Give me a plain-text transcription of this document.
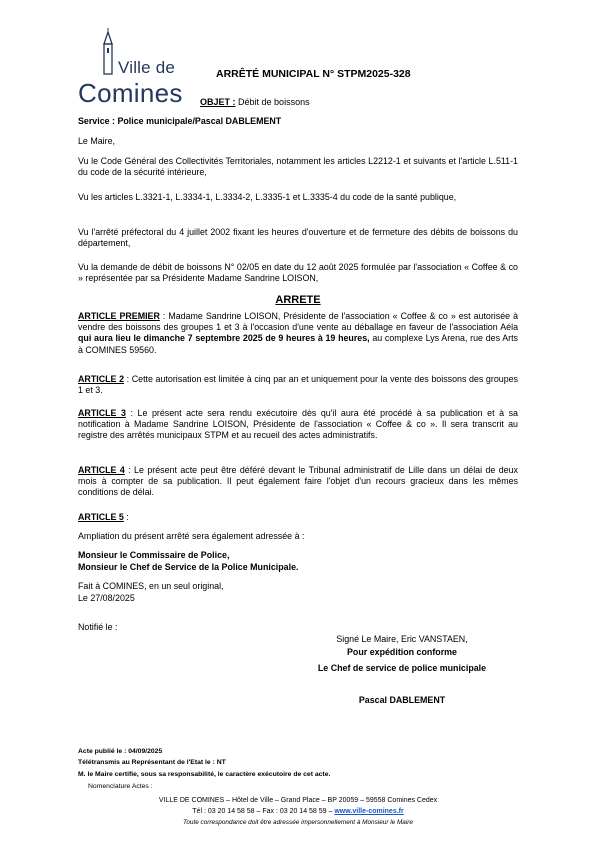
Ville de
Comines
ARRÊTÉ MUNICIPAL N° STPM2025-328
OBJET : Débit de boissons
Service : Police municipale/Pascal DABLEMENT
Le Maire,
Vu le Code Général des Collectivités Territoriales, notamment les articles L2212-1 et suivants et l'article L.511-1 du code de la sécurité intérieure,
Vu les articles L.3321-1, L.3334-1, L.3334-2, L.3335-1 et L.3335-4 du code de la santé publique,
Vu l'arrêté préfectoral du 4 juillet 2002 fixant les heures d'ouverture et de fermeture des débits de boissons du département,
Vu la demande de débit de boissons N° 02/05 en date du 12 août 2025 formulée par l'association « Coffee & co » représentée par sa Présidente Madame Sandrine LOISON,
ARRETE
ARTICLE PREMIER : Madame Sandrine LOISON, Présidente de l'association « Coffee & co » est autorisée à vendre des boissons des groupes 1 et 3 à l'occasion d'une vente au déballage en faveur de l'association Aéla qui aura lieu le dimanche 7 septembre 2025 de 9 heures à 19 heures, au complexe Lys Arena, rue des Arts à COMINES 59560.
ARTICLE 2 : Cette autorisation est limitée à cinq par an et uniquement pour la vente des boissons des groupes 1 et 3.
ARTICLE 3 : Le présent acte sera rendu exécutoire dès qu'il aura été procédé à sa publication et à sa notification à Madame Sandrine LOISON, Présidente de l'association « Coffee & co ». Il sera transcrit au registre des arrêtés municipaux STPM et au recueil des actes administratifs.
ARTICLE 4 : Le présent acte peut être déféré devant le Tribunal administratif de Lille dans un délai de deux mois à compter de sa publication. Il peut également faire l'objet d'un recours gracieux dans les mêmes conditions de délai.
ARTICLE 5 :
Ampliation du présent arrêté sera également adressée à :
Monsieur le Commissaire de Police,
Monsieur le Chef de Service de la Police Municipale.
Fait à COMINES, en un seul original,
Le 27/08/2025
Notifié le :
Signé Le Maire, Eric VANSTAEN,
Pour expédition conforme
Le Chef de service de police municipale
Pascal DABLEMENT
Acte publié le : 04/09/2025
Télétransmis au Représentant de l'Etat le : NT
M. le Maire certifie, sous sa responsabilité, le caractère exécutoire de cet acte.
Nomenclature Actes :
VILLE DE COMINES – Hôtel de Ville – Grand Place – BP 20059 – 59558 Comines Cedex
Tél : 03 20 14 58 58 – Fax : 03 20 14 58 59 – www.ville-comines.fr
Toute correspondance doit être adressée impersonnellement à Monsieur le Maire
